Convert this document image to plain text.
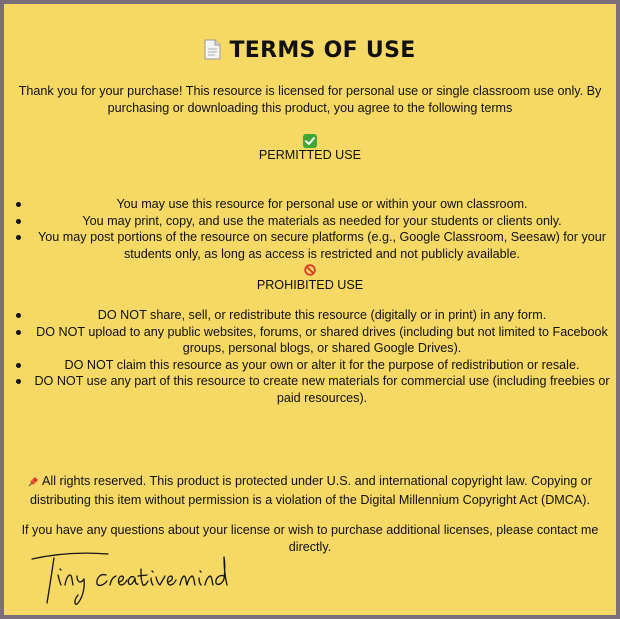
TERMS OF USE
Thank you for your purchase! This resource is licensed for personal use or single classroom use only. By purchasing or downloading this product, you agree to the following terms
PERMITTED USE
You may use this resource for personal use or within your own classroom.
You may print, copy, and use the materials as needed for your students or clients only.
You may post portions of the resource on secure platforms (e.g., Google Classroom, Seesaw) for your students only, as long as access is restricted and not publicly available.
PROHIBITED USE
DO NOT share, sell, or redistribute this resource (digitally or in print) in any form.
DO NOT upload to any public websites, forums, or shared drives (including but not limited to Facebook groups, personal blogs, or shared Google Drives).
DO NOT claim this resource as your own or alter it for the purpose of redistribution or resale.
DO NOT use any part of this resource to create new materials for commercial use (including freebies or paid resources).
All rights reserved. This product is protected under U.S. and international copyright law. Copying or distributing this item without permission is a violation of the Digital Millennium Copyright Act (DMCA).
If you have any questions about your license or wish to purchase additional licenses, please contact me directly.
